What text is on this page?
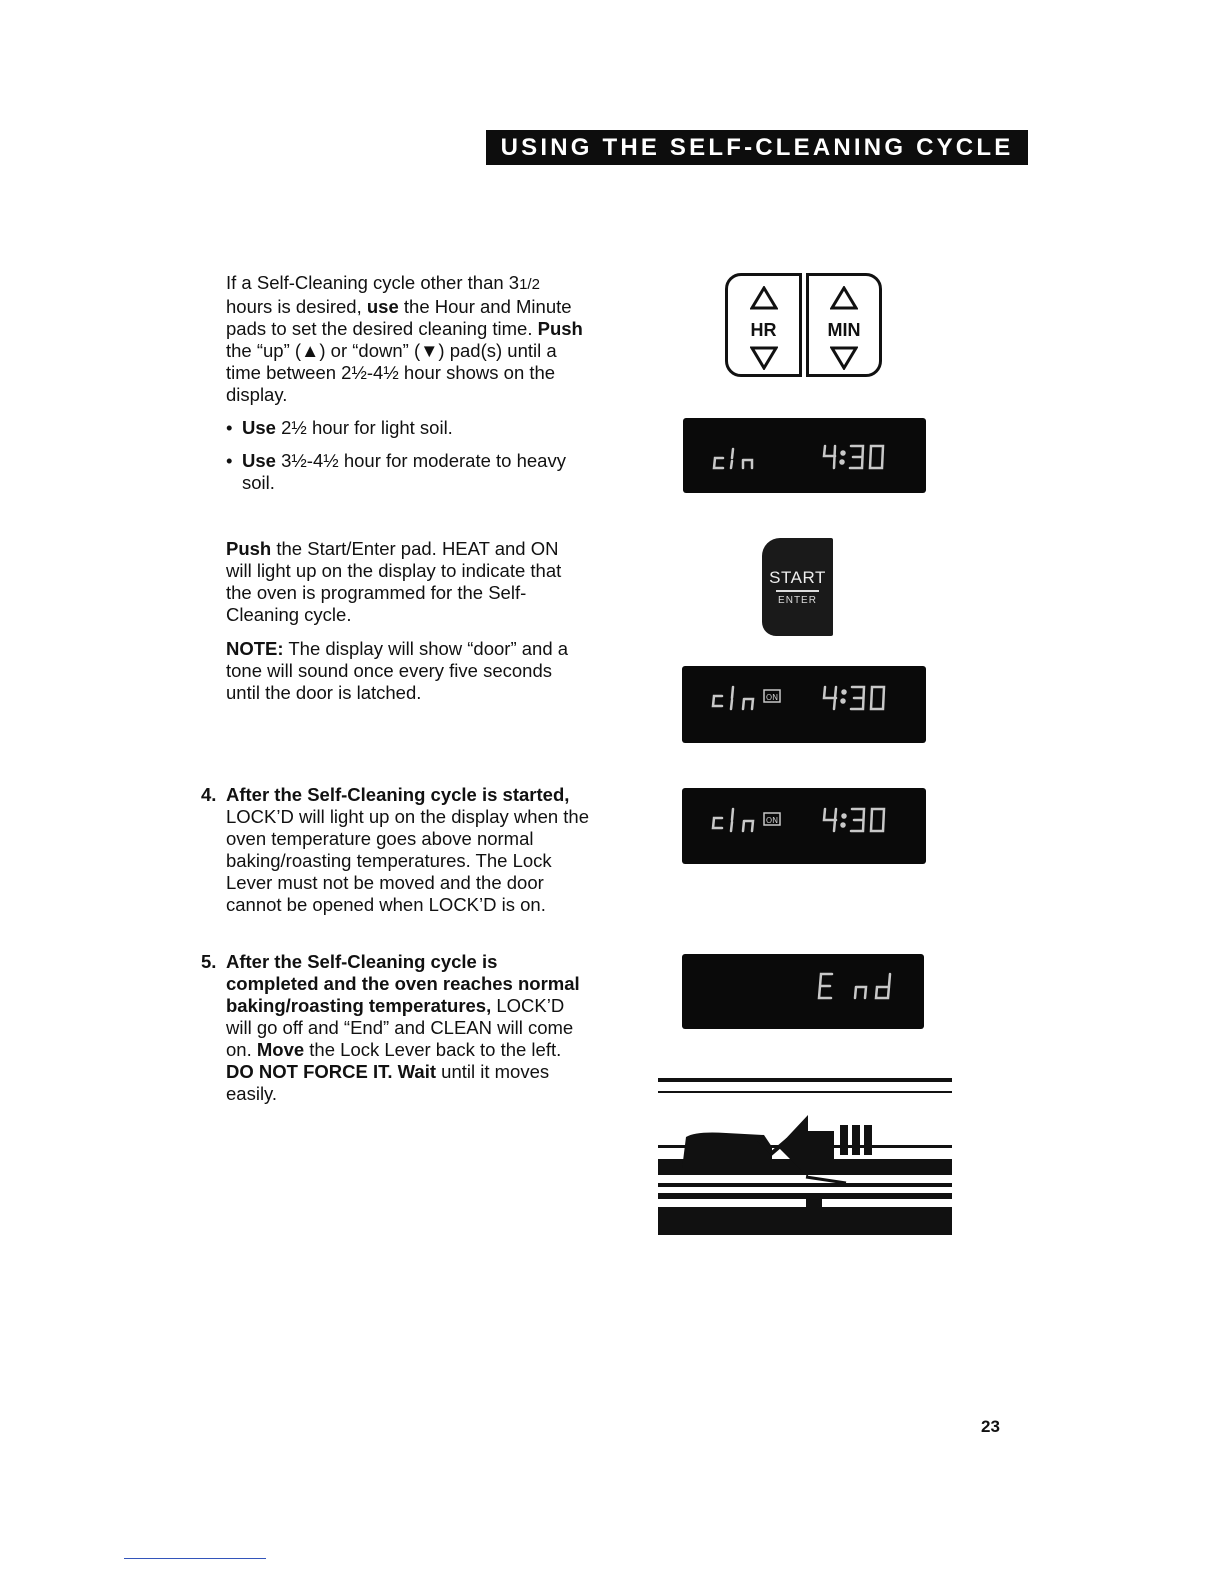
USING THE SELF-CLEANING CYCLE

If a Self-Cleaning cycle other than 31/2 hours is desired, use the Hour and Minute pads to set the desired cleaning time. Push the “up” (▲) or “down” (▼) pad(s) until a time between 2½-4½ hour shows on the display.

• Use 2½ hour for light soil.

• Use 3½-4½ hour for moderate to heavy soil.

Push the Start/Enter pad. HEAT and ON will light up on the display to indicate that the oven is programmed for the Self-Cleaning cycle.

NOTE: The display will show “door” and a tone will sound once every five seconds until the door is latched.

4. After the Self-Cleaning cycle is started, LOCK’D will light up on the display when the oven temperature goes above normal baking/roasting temperatures. The Lock Lever must not be moved and the door cannot be opened when LOCK’D is on.

5. After the Self-Cleaning cycle is completed and the oven reaches normal baking/roasting temperatures, LOCK’D will go off and “End” and CLEAN will come on. Move the Lock Lever back to the left. DO NOT FORCE IT. Wait until it moves easily.

HR	MIN
START
ENTER
ON
ON
23
